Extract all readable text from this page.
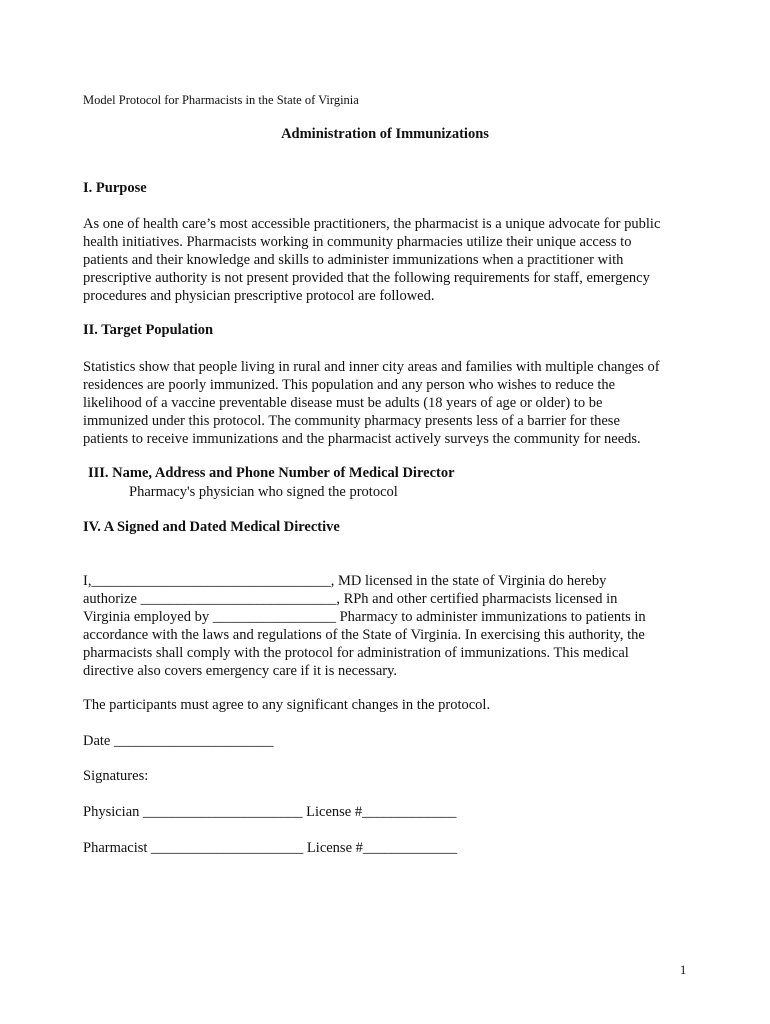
Model Protocol for Pharmacists in the State of Virginia
Administration of Immunizations
I. Purpose
As one of health care’s most accessible practitioners, the pharmacist is a unique advocate for public
health initiatives. Pharmacists working in community pharmacies utilize their unique access to
patients and their knowledge and skills to administer immunizations when a practitioner with
prescriptive authority is not present provided that the following requirements for staff, emergency
procedures and physician prescriptive protocol are followed.
II. Target Population
Statistics show that people living in rural and inner city areas and families with multiple changes of
residences are poorly immunized. This population and any person who wishes to reduce the
likelihood of a vaccine preventable disease must be adults (18 years of age or older) to be
immunized under this protocol. The community pharmacy presents less of a barrier for these
patients to receive immunizations and the pharmacist actively surveys the community for needs.
III. Name, Address and Phone Number of Medical Director
Pharmacy's physician who signed the protocol
IV. A Signed and Dated Medical Directive
I,_________________________________, MD licensed in the state of Virginia do hereby
authorize ___________________________, RPh and other certified pharmacists licensed in
Virginia employed by _________________ Pharmacy to administer immunizations to patients in
accordance with the laws and regulations of the State of Virginia. In exercising this authority, the
pharmacists shall comply with the protocol for administration of immunizations. This medical
directive also covers emergency care if it is necessary.
The participants must agree to any significant changes in the protocol.
Date ______________________
Signatures:
Physician ______________________ License #_____________
Pharmacist _____________________ License #_____________
1
